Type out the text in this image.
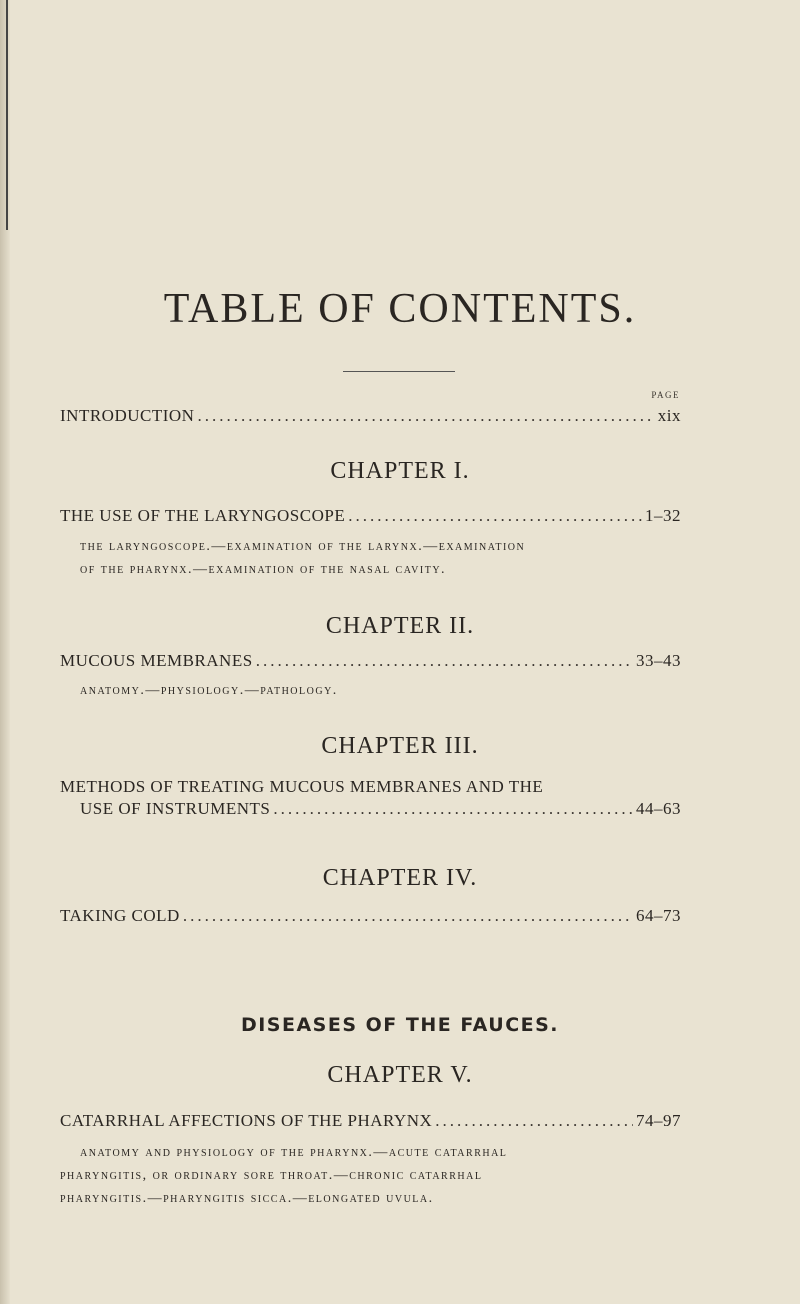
TABLE OF CONTENTS.
PAGE
INTRODUCTION .....	xix
CHAPTER I.
THE USE OF THE LARYNGOSCOPE .....	1–32
the laryngoscope.—examination of the larynx.—examination
of the pharynx.—examination of the nasal cavity.
CHAPTER II.
MUCOUS MEMBRANES .....	33–43
anatomy.—physiology.—pathology.
CHAPTER III.
METHODS OF TREATING MUCOUS MEMBRANES AND THE
USE OF INSTRUMENTS .....	44–63
CHAPTER IV.
TAKING COLD .....	64–73
DISEASES OF THE FAUCES.
CHAPTER V.
CATARRHAL AFFECTIONS OF THE PHARYNX .....	74–97
anatomy and physiology of the pharynx.—acute catarrhal
pharyngitis, or ordinary sore throat.—chronic catarrhal
pharyngitis.—pharyngitis sicca.—elongated uvula.
